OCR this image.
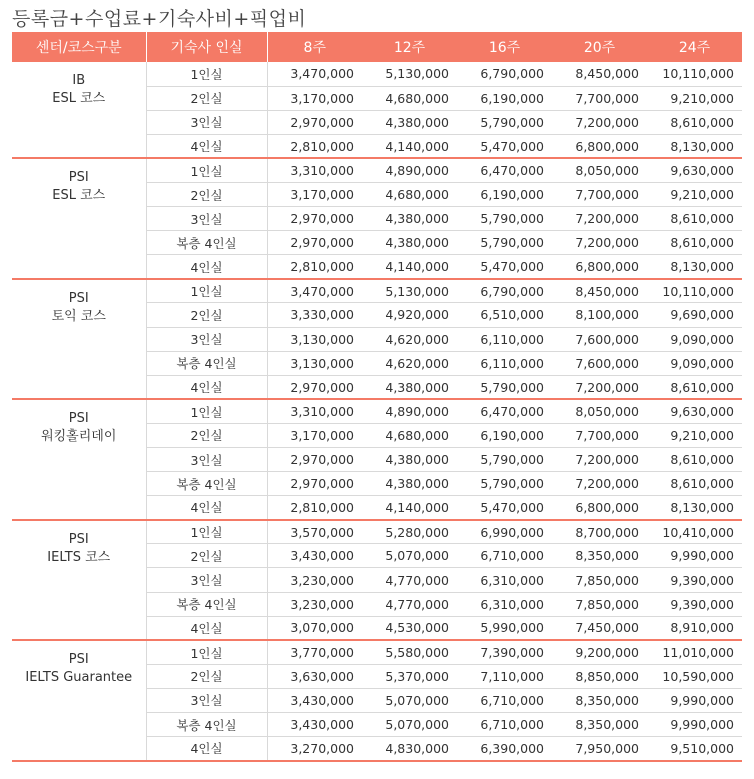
등록금+수업료+기숙사비+픽업비
센터/코스구분	기숙사 인실	8주	12주	16주	20주	24주

IB
ESL 코스	1인실	3,470,000	5,130,000	6,790,000	8,450,000	10,110,000
	2인실	3,170,000	4,680,000	6,190,000	7,700,000	9,210,000
	3인실	2,970,000	4,380,000	5,790,000	7,200,000	8,610,000
	4인실	2,810,000	4,140,000	5,470,000	6,800,000	8,130,000

PSI
ESL 코스	1인실	3,310,000	4,890,000	6,470,000	8,050,000	9,630,000
	2인실	3,170,000	4,680,000	6,190,000	7,700,000	9,210,000
	3인실	2,970,000	4,380,000	5,790,000	7,200,000	8,610,000
	복층 4인실	2,970,000	4,380,000	5,790,000	7,200,000	8,610,000
	4인실	2,810,000	4,140,000	5,470,000	6,800,000	8,130,000

PSI
토익 코스	1인실	3,470,000	5,130,000	6,790,000	8,450,000	10,110,000
	2인실	3,330,000	4,920,000	6,510,000	8,100,000	9,690,000
	3인실	3,130,000	4,620,000	6,110,000	7,600,000	9,090,000
	복층 4인실	3,130,000	4,620,000	6,110,000	7,600,000	9,090,000
	4인실	2,970,000	4,380,000	5,790,000	7,200,000	8,610,000

PSI
워킹홀리데이	1인실	3,310,000	4,890,000	6,470,000	8,050,000	9,630,000
	2인실	3,170,000	4,680,000	6,190,000	7,700,000	9,210,000
	3인실	2,970,000	4,380,000	5,790,000	7,200,000	8,610,000
	복층 4인실	2,970,000	4,380,000	5,790,000	7,200,000	8,610,000
	4인실	2,810,000	4,140,000	5,470,000	6,800,000	8,130,000

PSI
IELTS 코스	1인실	3,570,000	5,280,000	6,990,000	8,700,000	10,410,000
	2인실	3,430,000	5,070,000	6,710,000	8,350,000	9,990,000
	3인실	3,230,000	4,770,000	6,310,000	7,850,000	9,390,000
	복층 4인실	3,230,000	4,770,000	6,310,000	7,850,000	9,390,000
	4인실	3,070,000	4,530,000	5,990,000	7,450,000	8,910,000

PSI
IELTS Guarantee	1인실	3,770,000	5,580,000	7,390,000	9,200,000	11,010,000
	2인실	3,630,000	5,370,000	7,110,000	8,850,000	10,590,000
	3인실	3,430,000	5,070,000	6,710,000	8,350,000	9,990,000
	복층 4인실	3,430,000	5,070,000	6,710,000	8,350,000	9,990,000
	4인실	3,270,000	4,830,000	6,390,000	7,950,000	9,510,000
